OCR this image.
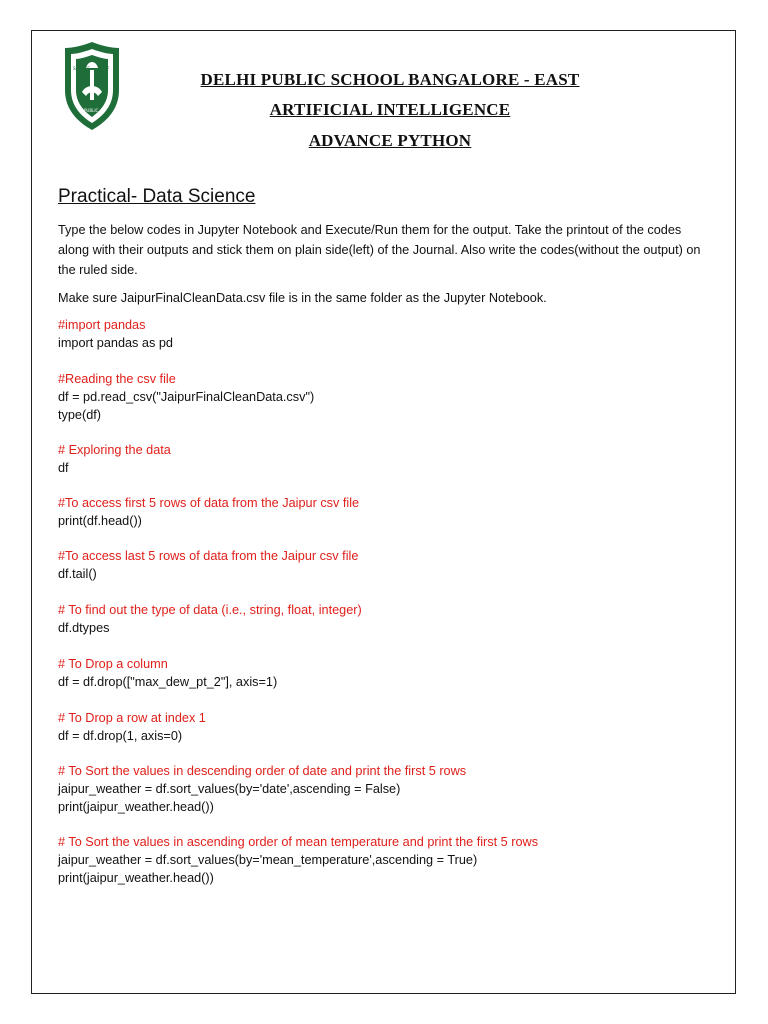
SERVICE	SELF
PUBLIC
DELHI PUBLIC SCHOOL BANGALORE - EAST
ARTIFICIAL INTELLIGENCE
ADVANCE PYTHON
Practical- Data Science
Type the below codes in Jupyter Notebook and Execute/Run them for the output. Take the printout of the codes along with their outputs and stick them on plain side(left) of the Journal. Also write the codes(without the output) on the ruled side.
Make sure JaipurFinalCleanData.csv file is in the same folder as the Jupyter Notebook.
#import pandas
import pandas as pd
#Reading the csv file
df = pd.read_csv("JaipurFinalCleanData.csv")
type(df)
# Exploring the data
df
#To access first 5 rows of data from the Jaipur csv file
print(df.head())
#To access last 5 rows of data from the Jaipur csv file
df.tail()
# To find out the type of data (i.e., string, float, integer)
df.dtypes
# To Drop a column
df = df.drop(["max_dew_pt_2"], axis=1)
# To Drop a row at index 1
df = df.drop(1, axis=0)
# To Sort the values in descending order of date and print the first 5 rows
jaipur_weather = df.sort_values(by='date',ascending = False)
print(jaipur_weather.head())
# To Sort the values in ascending order of mean temperature and print the first 5 rows
jaipur_weather = df.sort_values(by='mean_temperature',ascending = True)
print(jaipur_weather.head())
